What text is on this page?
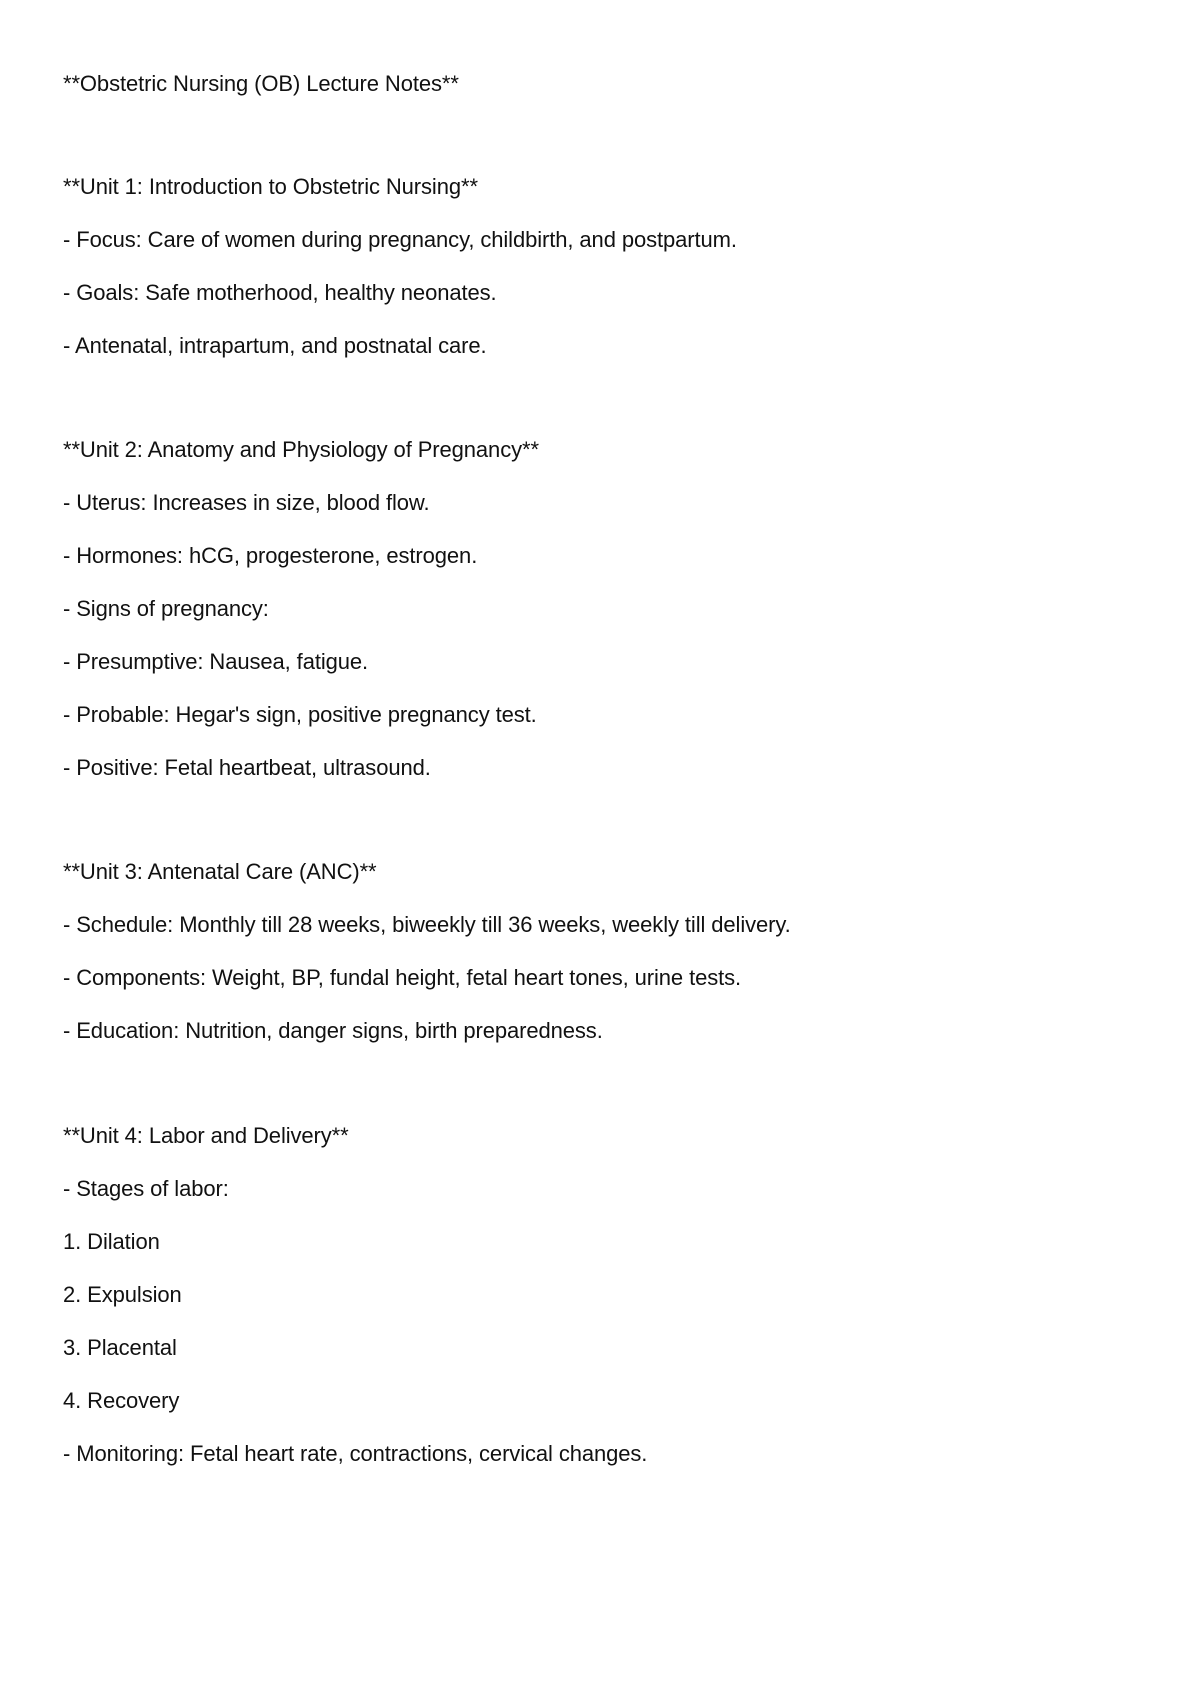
**Obstetric Nursing (OB) Lecture Notes**
**Unit 1: Introduction to Obstetric Nursing**
- Focus: Care of women during pregnancy, childbirth, and postpartum.
- Goals: Safe motherhood, healthy neonates.
- Antenatal, intrapartum, and postnatal care.
**Unit 2: Anatomy and Physiology of Pregnancy**
- Uterus: Increases in size, blood flow.
- Hormones: hCG, progesterone, estrogen.
- Signs of pregnancy:
- Presumptive: Nausea, fatigue.
- Probable: Hegar's sign, positive pregnancy test.
- Positive: Fetal heartbeat, ultrasound.
**Unit 3: Antenatal Care (ANC)**
- Schedule: Monthly till 28 weeks, biweekly till 36 weeks, weekly till delivery.
- Components: Weight, BP, fundal height, fetal heart tones, urine tests.
- Education: Nutrition, danger signs, birth preparedness.
**Unit 4: Labor and Delivery**
- Stages of labor:
1. Dilation
2. Expulsion
3. Placental
4. Recovery
- Monitoring: Fetal heart rate, contractions, cervical changes.
